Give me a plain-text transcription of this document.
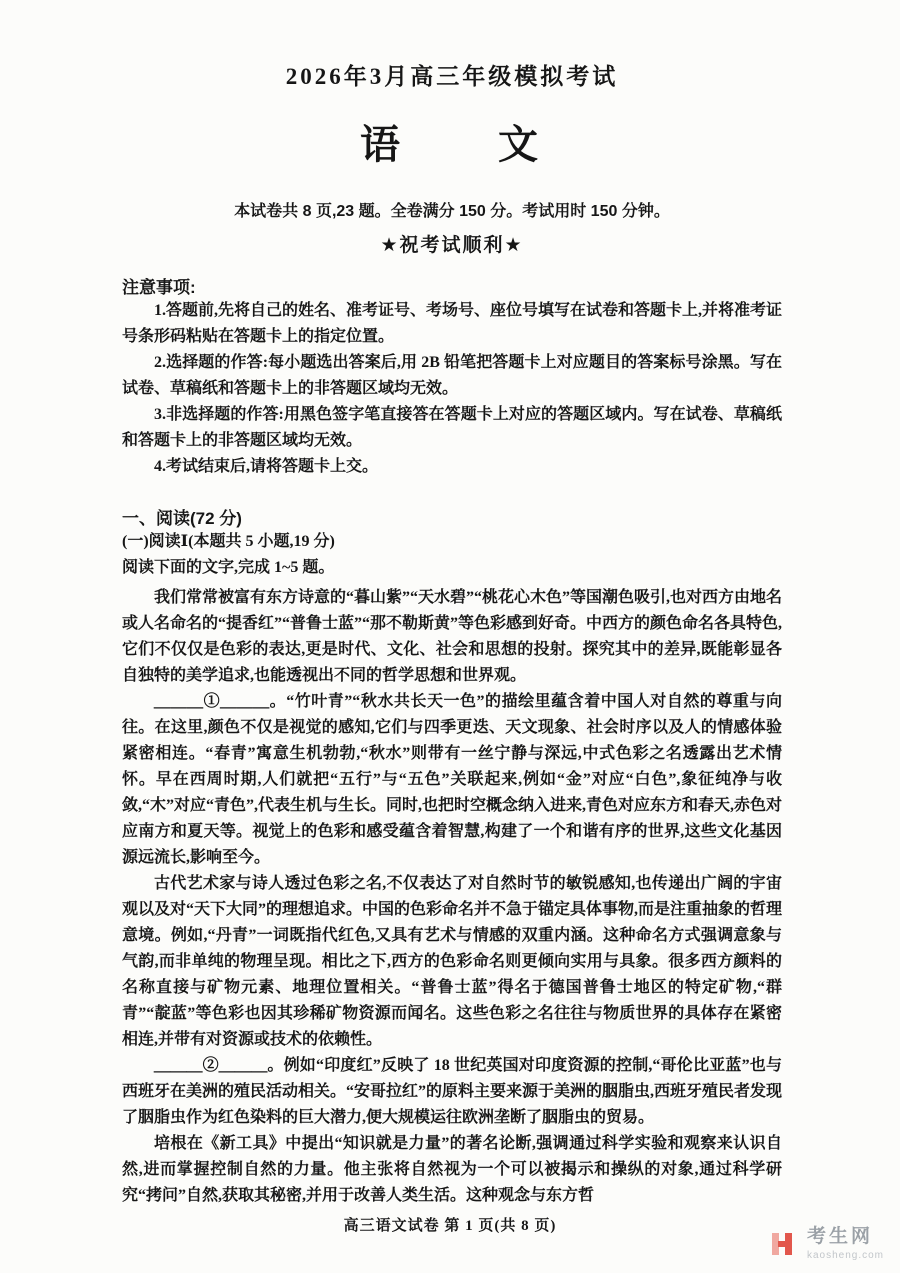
2026年3月高三年级模拟考试
语　　文
本试卷共 8 页,23 题。全卷满分 150 分。考试用时 150 分钟。
★祝考试顺利★
注意事项:

1.答题前,先将自己的姓名、准考证号、考场号、座位号填写在试卷和答题卡上,并将准考证号条形码粘贴在答题卡上的指定位置。

2.选择题的作答:每小题选出答案后,用 2B 铅笔把答题卡上对应题目的答案标号涂黑。写在试卷、草稿纸和答题卡上的非答题区域均无效。

3.非选择题的作答:用黑色签字笔直接答在答题卡上对应的答题区域内。写在试卷、草稿纸和答题卡上的非答题区域均无效。

4.考试结束后,请将答题卡上交。

一、阅读(72 分)
(一)阅读Ⅰ(本题共 5 小题,19 分)

阅读下面的文字,完成 1~5 题。

我们常常被富有东方诗意的“暮山紫”“天水碧”“桃花心木色”等国潮色吸引,也对西方由地名或人名命名的“提香红”“普鲁士蓝”“那不勒斯黄”等色彩感到好奇。中西方的颜色命名各具特色,它们不仅仅是色彩的表达,更是时代、文化、社会和思想的投射。探究其中的差异,既能彰显各自独特的美学追求,也能透视出不同的哲学思想和世界观。

＿＿＿①＿＿＿。“竹叶青”“秋水共长天一色”的描绘里蕴含着中国人对自然的尊重与向往。在这里,颜色不仅是视觉的感知,它们与四季更迭、天文现象、社会时序以及人的情感体验紧密相连。“春青”寓意生机勃勃,“秋水”则带有一丝宁静与深远,中式色彩之名透露出艺术情怀。早在西周时期,人们就把“五行”与“五色”关联起来,例如“金”对应“白色”,象征纯净与收敛,“木”对应“青色”,代表生机与生长。同时,也把时空概念纳入进来,青色对应东方和春天,赤色对应南方和夏天等。视觉上的色彩和感受蕴含着智慧,构建了一个和谐有序的世界,这些文化基因源远流长,影响至今。

古代艺术家与诗人透过色彩之名,不仅表达了对自然时节的敏锐感知,也传递出广阔的宇宙观以及对“天下大同”的理想追求。中国的色彩命名并不急于锚定具体事物,而是注重抽象的哲理意境。例如,“丹青”一词既指代红色,又具有艺术与情感的双重内涵。这种命名方式强调意象与气韵,而非单纯的物理呈现。相比之下,西方的色彩命名则更倾向实用与具象。很多西方颜料的名称直接与矿物元素、地理位置相关。“普鲁士蓝”得名于德国普鲁士地区的特定矿物,“群青”“靛蓝”等色彩也因其珍稀矿物资源而闻名。这些色彩之名往往与物质世界的具体存在紧密相连,并带有对资源或技术的依赖性。

＿＿＿②＿＿＿。例如“印度红”反映了 18 世纪英国对印度资源的控制,“哥伦比亚蓝”也与西班牙在美洲的殖民活动相关。“安哥拉红”的原料主要来源于美洲的胭脂虫,西班牙殖民者发现了胭脂虫作为红色染料的巨大潜力,便大规模运往欧洲垄断了胭脂虫的贸易。

培根在《新工具》中提出“知识就是力量”的著名论断,强调通过科学实验和观察来认识自然,进而掌握控制自然的力量。他主张将自然视为一个可以被揭示和操纵的对象,通过科学研究“拷问”自然,获取其秘密,并用于改善人类生活。这种观念与东方哲

高三语文试卷 第 1 页(共 8 页)
考生网
kaosheng.com
